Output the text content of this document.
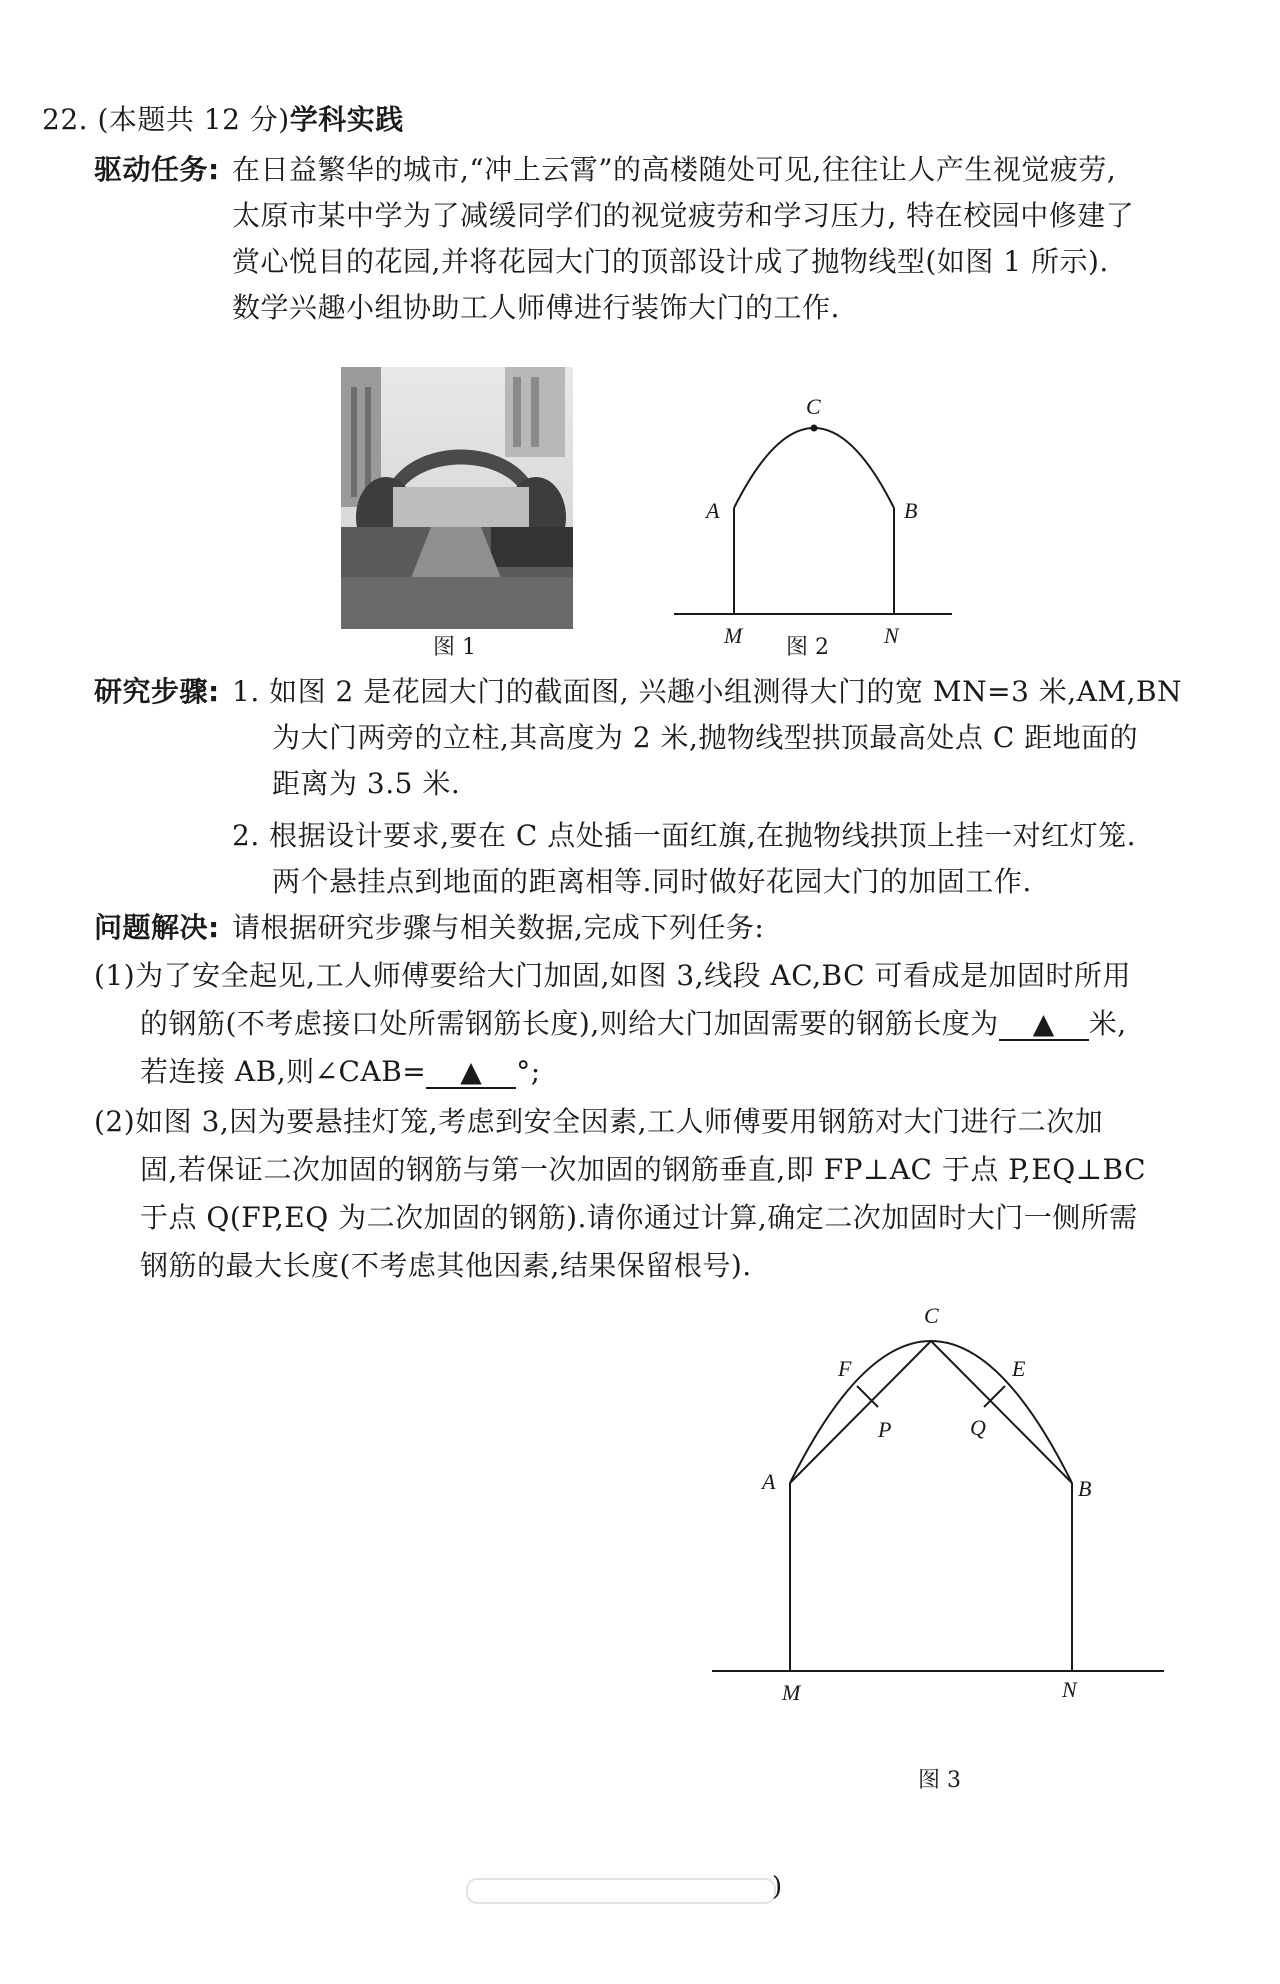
22. (本题共 12 分)学科实践
驱动任务: 在日益繁华的城市,“冲上云霄”的高楼随处可见,往往让人产生视觉疲劳,
太原市某中学为了减缓同学们的视觉疲劳和学习压力, 特在校园中修建了
赏心悦目的花园,并将花园大门的顶部设计成了抛物线型(如图 1 所示).
数学兴趣小组协助工人师傅进行装饰大门的工作.
图 1
C
A	B
M	N
图 2
研究步骤: 1. 如图 2 是花园大门的截面图, 兴趣小组测得大门的宽 MN=3 米,AM,BN
为大门两旁的立柱,其高度为 2 米,抛物线型拱顶最高处点 C 距地面的
距离为 3.5 米.
2. 根据设计要求,要在 C 点处插一面红旗,在抛物线拱顶上挂一对红灯笼.
两个悬挂点到地面的距离相等.同时做好花园大门的加固工作.
问题解决: 请根据研究步骤与相关数据,完成下列任务:
(1)为了安全起见,工人师傅要给大门加固,如图 3,线段 AC,BC 可看成是加固时所用
的钢筋(不考虑接口处所需钢筋长度),则给大门加固需要的钢筋长度为 ▲ 米,
若连接 AB,则∠CAB= ▲ °;
(2)如图 3,因为要悬挂灯笼,考虑到安全因素,工人师傅要用钢筋对大门进行二次加
固,若保证二次加固的钢筋与第一次加固的钢筋垂直,即 FP⊥AC 于点 P,EQ⊥BC
于点 Q(FP,EQ 为二次加固的钢筋).请你通过计算,确定二次加固时大门一侧所需
钢筋的最大长度(不考虑其他因素,结果保留根号).
C
F
P
E
Q
A	B
M	N
图 3
)
